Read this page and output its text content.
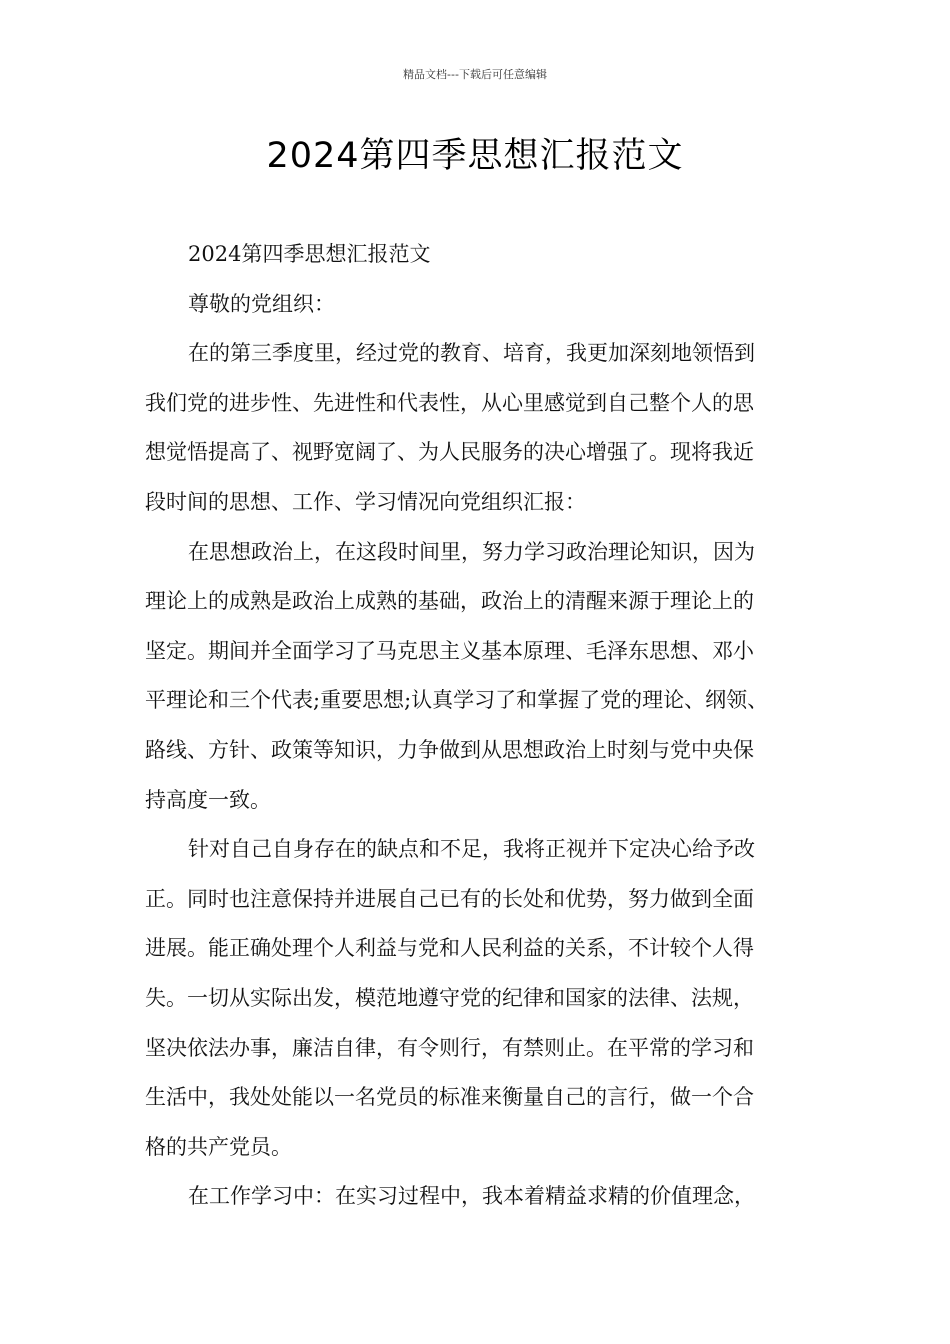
精品文档---下载后可任意编辑
2024第四季思想汇报范文
2024第四季思想汇报范文
尊敬的党组织：
在的第三季度里，经过党的教育、培育，我更加深刻地领悟到
我们党的进步性、先进性和代表性，从心里感觉到自己整个人的思
想觉悟提高了、视野宽阔了、为人民服务的决心增强了。现将我近
段时间的思想、工作、学习情况向党组织汇报：
在思想政治上，在这段时间里，努力学习政治理论知识，因为
理论上的成熟是政治上成熟的基础，政治上的清醒来源于理论上的
坚定。期间并全面学习了马克思主义基本原理、毛泽东思想、邓小
平理论和三个代表;重要思想;认真学习了和掌握了党的理论、纲领、
路线、方针、政策等知识，力争做到从思想政治上时刻与党中央保
持高度一致。
针对自己自身存在的缺点和不足，我将正视并下定决心给予改
正。同时也注意保持并进展自己已有的长处和优势，努力做到全面
进展。能正确处理个人利益与党和人民利益的关系，不计较个人得
失。一切从实际出发，模范地遵守党的纪律和国家的法律、法规，
坚决依法办事，廉洁自律，有令则行，有禁则止。在平常的学习和
生活中，我处处能以一名党员的标准来衡量自己的言行，做一个合
格的共产党员。
在工作学习中：在实习过程中，我本着精益求精的价值理念，
